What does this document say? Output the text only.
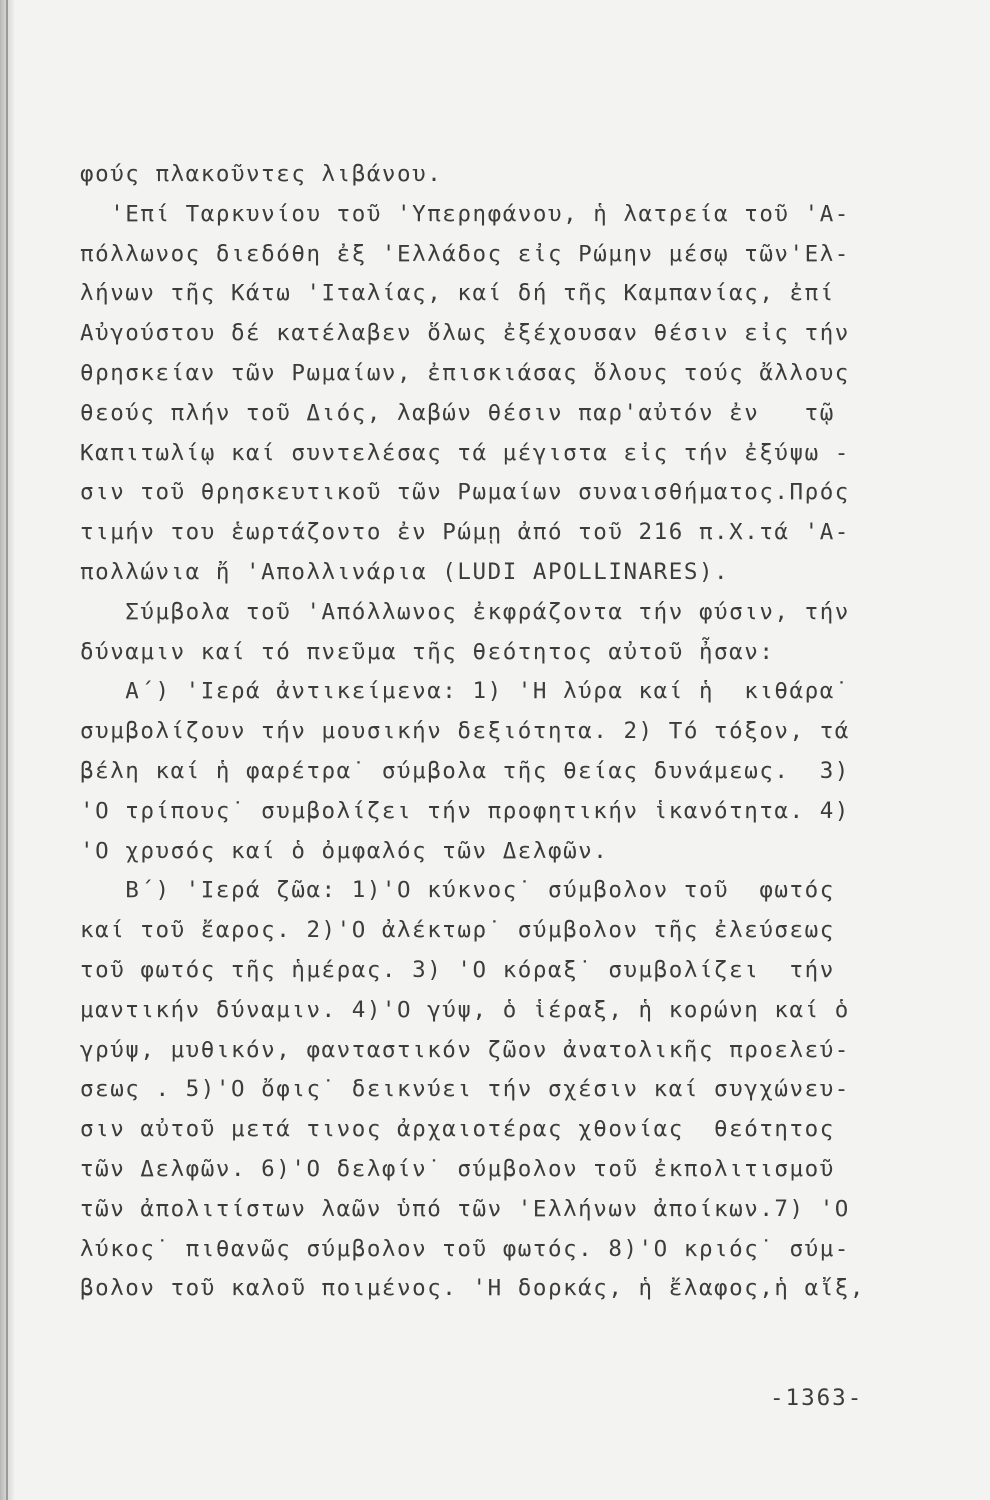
φούς πλακοῦντες λιβάνου.
'Επί Ταρκυνίου τοῦ 'Υπερηφάνου, ἡ λατρεία τοῦ 'Α-
πόλλωνος διεδόθη ἐξ 'Ελλάδος εἰς Ρώμην μέσῳ τῶν'Ελ-
λήνων τῆς Κάτω 'Ιταλίας, καί δή τῆς Καμπανίας, ἐπί
Αὐγούστου δέ κατέλαβεν ὅλως ἐξέχουσαν θέσιν εἰς τήν
θρησκείαν τῶν Ρωμαίων, ἐπισκιάσας ὅλους τούς ἄλλους
θεούς πλήν τοῦ Διός, λαβών θέσιν παρ'αὐτόν ἐν   τῷ
Καπιτωλίῳ καί συντελέσας τά μέγιστα εἰς τήν ἐξύψω -
σιν τοῦ θρησκευτικοῦ τῶν Ρωμαίων συναισθήματος.Πρός
τιμήν του ἑωρτάζοντο ἐν Ρώμῃ ἀπό τοῦ 216 π.Χ.τά 'Α-
πολλώνια ἤ 'Απολλινάρια (LUDI APOLLINARES).
Σύμβολα τοῦ 'Απόλλωνος ἐκφράζοντα τήν φύσιν, τήν
δύναμιν καί τό πνεῦμα τῆς θεότητος αὐτοῦ ἦσαν:
Α΄) 'Ιερά ἀντικείμενα: 1) 'Η λύρα καί ἡ  κιθάρα˙
συμβολίζουν τήν μουσικήν δεξιότητα. 2) Τό τόξον, τά
βέλη καί ἡ φαρέτρα˙ σύμβολα τῆς θείας δυνάμεως.  3)
'Ο τρίπους˙ συμβολίζει τήν προφητικήν ἱκανότητα. 4)
'Ο χρυσός καί ὁ ὀμφαλός τῶν Δελφῶν.
Β΄) 'Ιερά ζῶα: 1)'Ο κύκνος˙ σύμβολον τοῦ  φωτός
καί τοῦ ἔαρος. 2)'Ο ἀλέκτωρ˙ σύμβολον τῆς ἐλεύσεως
τοῦ φωτός τῆς ἡμέρας. 3) 'Ο κόραξ˙ συμβολίζει  τήν
μαντικήν δύναμιν. 4)'Ο γύψ, ὁ ἱέραξ, ἡ κορώνη καί ὁ
γρύψ, μυθικόν, φανταστικόν ζῶον ἀνατολικῆς προελεύ-
σεως . 5)'Ο ὄφις˙ δεικνύει τήν σχέσιν καί συγχώνευ-
σιν αὐτοῦ μετά τινος ἀρχαιοτέρας χθονίας  θεότητος
τῶν Δελφῶν. 6)'Ο δελφίν˙ σύμβολον τοῦ ἐκπολιτισμοῦ
τῶν ἀπολιτίστων λαῶν ὑπό τῶν 'Ελλήνων ἀποίκων.7) 'Ο
λύκος˙ πιθανῶς σύμβολον τοῦ φωτός. 8)'Ο κριός˙ σύμ-
βολον τοῦ καλοῦ ποιμένος. 'Η δορκάς, ἡ ἔλαφος,ἡ αἴξ,
-1363-
